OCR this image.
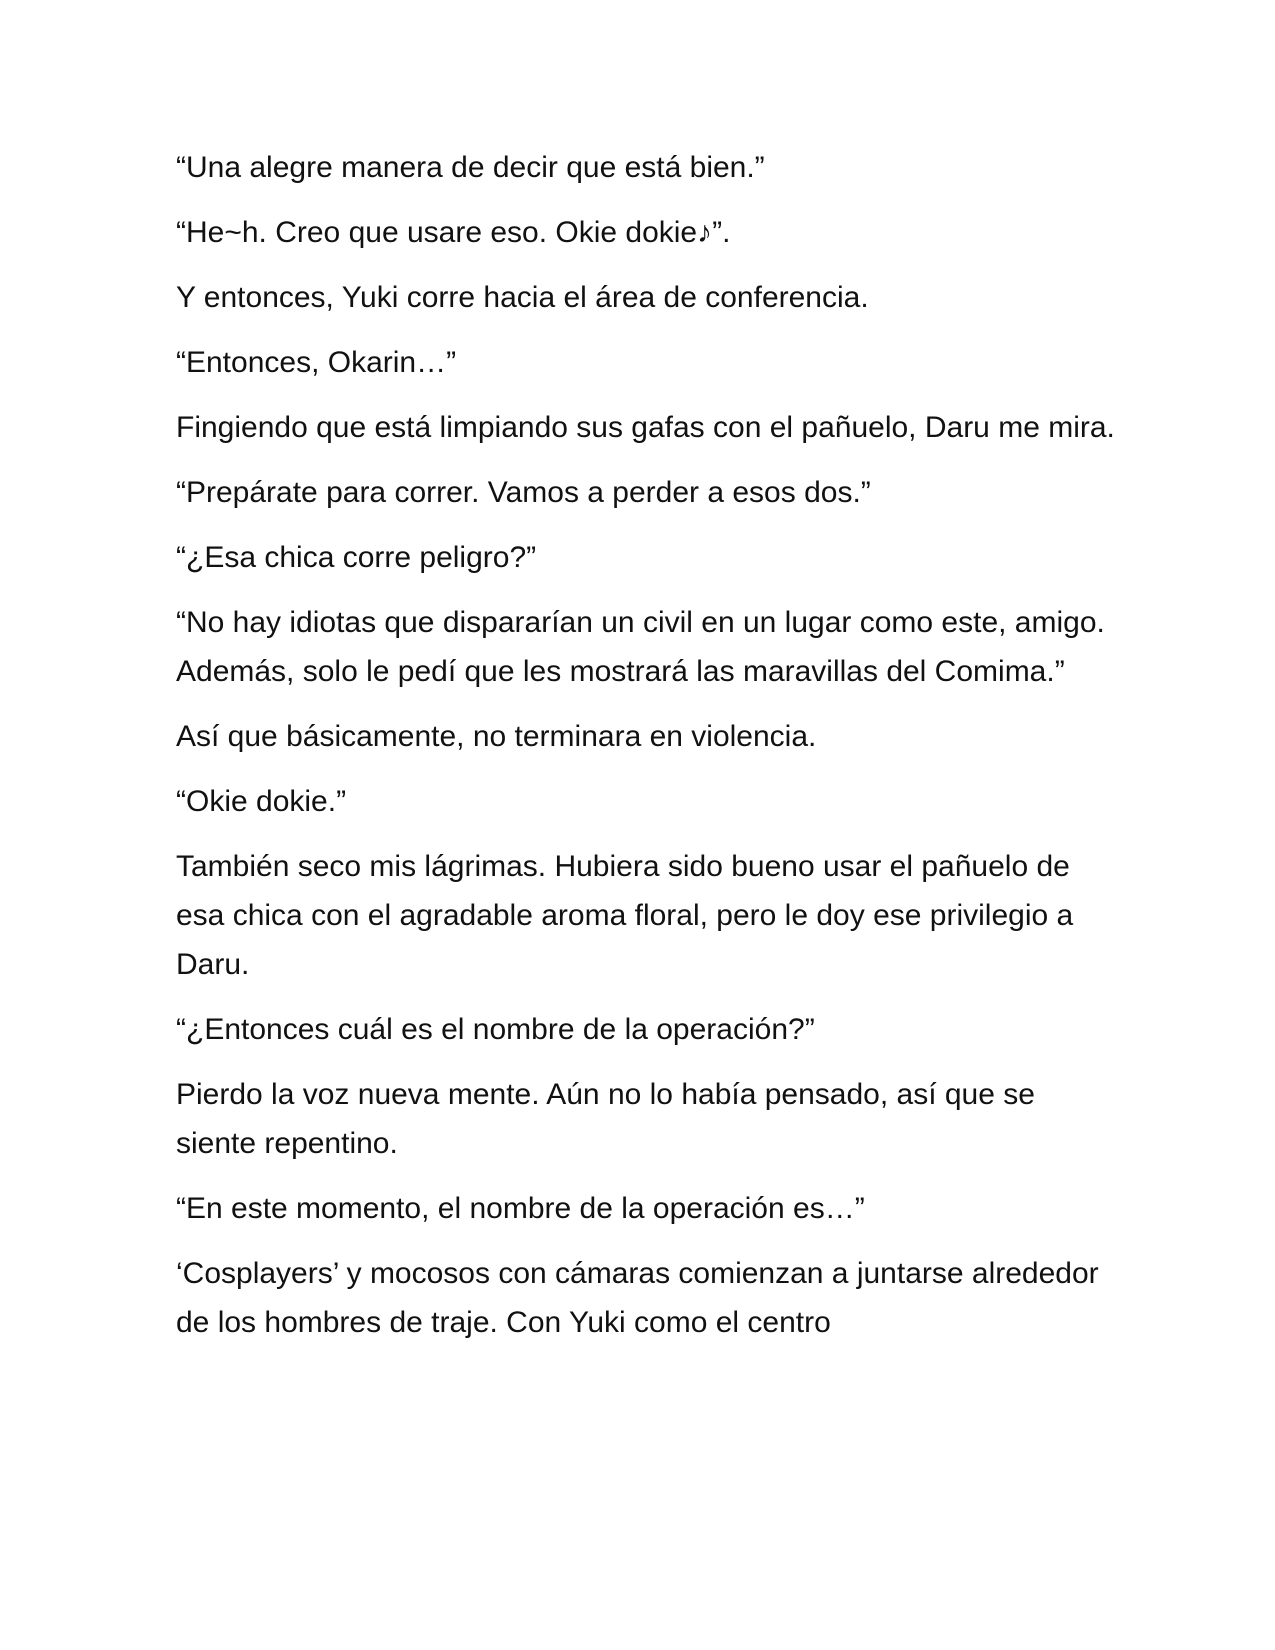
“Una alegre manera de decir que está bien.”

“He~h. Creo que usare eso. Okie dokie♪”.

Y entonces, Yuki corre hacia el área de conferencia.

“Entonces, Okarin…”

Fingiendo que está limpiando sus gafas con el pañuelo, Daru me mira.

“Prepárate para correr. Vamos a perder a esos dos.”

“¿Esa chica corre peligro?”

“No hay idiotas que dispararían un civil en un lugar como este, amigo. Además, solo le pedí que les mostrará las maravillas del Comima.”

Así que básicamente, no terminara en violencia.

“Okie dokie.”

También seco mis lágrimas. Hubiera sido bueno usar el pañuelo de esa chica con el agradable aroma floral, pero le doy ese privilegio a Daru.

“¿Entonces cuál es el nombre de la operación?”

Pierdo la voz nueva mente. Aún no lo había pensado, así que se siente repentino.

“En este momento, el nombre de la operación es…”

‘Cosplayers’ y mocosos con cámaras comienzan a juntarse alrededor de los hombres de traje. Con Yuki como el centro
